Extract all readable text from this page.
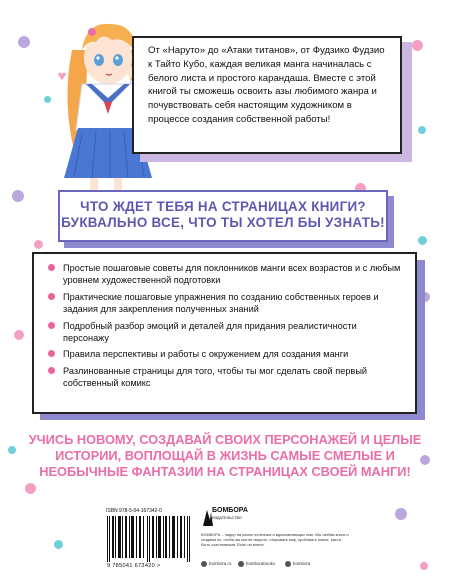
От «Наруто» до «Атаки титанов», от Фудзико Фудзио к Тайто Кубо, каждая великая манга начиналась с белого листа и простого карандаша. Вместе с этой книгой ты сможешь освоить азы любимого жанра и почувствовать себя настоящим художником в процессе создания собственной работы!
ЧТО ЖДЕТ ТЕБЯ НА СТРАНИЦАХ КНИГИ? БУКВАЛЬНО ВСЕ, ЧТО ТЫ ХОТЕЛ БЫ УЗНАТЬ!
Простые пошаговые советы для поклонников манги всех возрастов и с любым уровнем художественной подготовки
Практические пошаговые упражнения по созданию собственных героев и задания для закрепления полученных знаний
Подробный разбор эмоций и деталей для придания реалистичности персонажу
Правила перспективы и работы с окружением для создания манги
Разлинованные страницы для того, чтобы ты мог сделать свой первый собственный комикс
УЧИСЬ НОВОМУ, СОЗДАВАЙ СВОИХ ПЕРСОНАЖЕЙ И ЦЕЛЫЕ ИСТОРИИ, ВОПЛОЩАЙ В ЖИЗНЬ САМЫЕ СМЕЛЫЕ И НЕОБЫЧНЫЕ ФАНТАЗИИ НА СТРАНИЦАХ СВОЕЙ МАНГИ!
ISBN 978-5-04-167342-0
9 785041 673420 >
БОМБОРА
ИЗДАТЕЛЬСТВО
БОМБОРА – лидер на рынке полезных и вдохновляющих книг. Мы любим книги и создаем их, чтобы вы могли творить, открывать мир, пробовать новое, расти. Быть счастливыми. Быть на волне.
bombora.ru	bomborabooks	bombora
